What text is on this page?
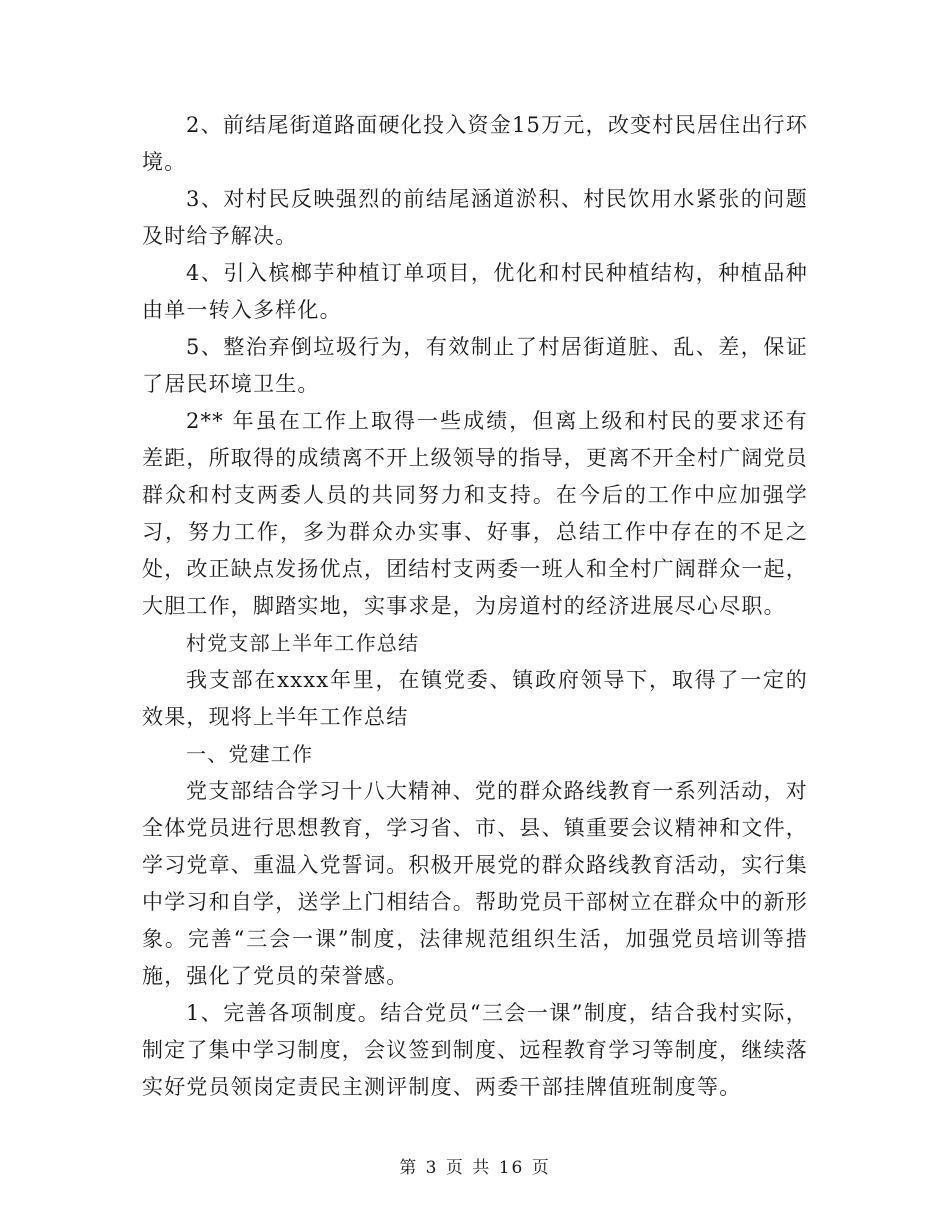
2、前结尾街道路面硬化投入资金15万元，改变村民居住出行环境。

3、对村民反映强烈的前结尾涵道淤积、村民饮用水紧张的问题及时给予解决。

4、引入槟榔芋种植订单项目，优化和村民种植结构，种植品种由单一转入多样化。

5、整治弃倒垃圾行为，有效制止了村居街道脏、乱、差，保证了居民环境卫生。

2** 年虽在工作上取得一些成绩，但离上级和村民的要求还有差距，所取得的成绩离不开上级领导的指导，更离不开全村广阔党员群众和村支两委人员的共同努力和支持。在今后的工作中应加强学习，努力工作，多为群众办实事、好事，总结工作中存在的不足之处，改正缺点发扬优点，团结村支两委一班人和全村广阔群众一起，大胆工作，脚踏实地，实事求是，为房道村的经济进展尽心尽职。

村党支部上半年工作总结

我支部在xxxx年里，在镇党委、镇政府领导下，取得了一定的效果，现将上半年工作总结

一、党建工作

党支部结合学习十八大精神、党的群众路线教育一系列活动，对全体党员进行思想教育，学习省、市、县、镇重要会议精神和文件，学习党章、重温入党誓词。积极开展党的群众路线教育活动，实行集中学习和自学，送学上门相结合。帮助党员干部树立在群众中的新形象。完善“三会一课”制度，法律规范组织生活，加强党员培训等措施，强化了党员的荣誉感。

1、完善各项制度。结合党员“三会一课”制度，结合我村实际，制定了集中学习制度，会议签到制度、远程教育学习等制度，继续落实好党员领岗定责民主测评制度、两委干部挂牌值班制度等。

第 3 页 共 16 页
